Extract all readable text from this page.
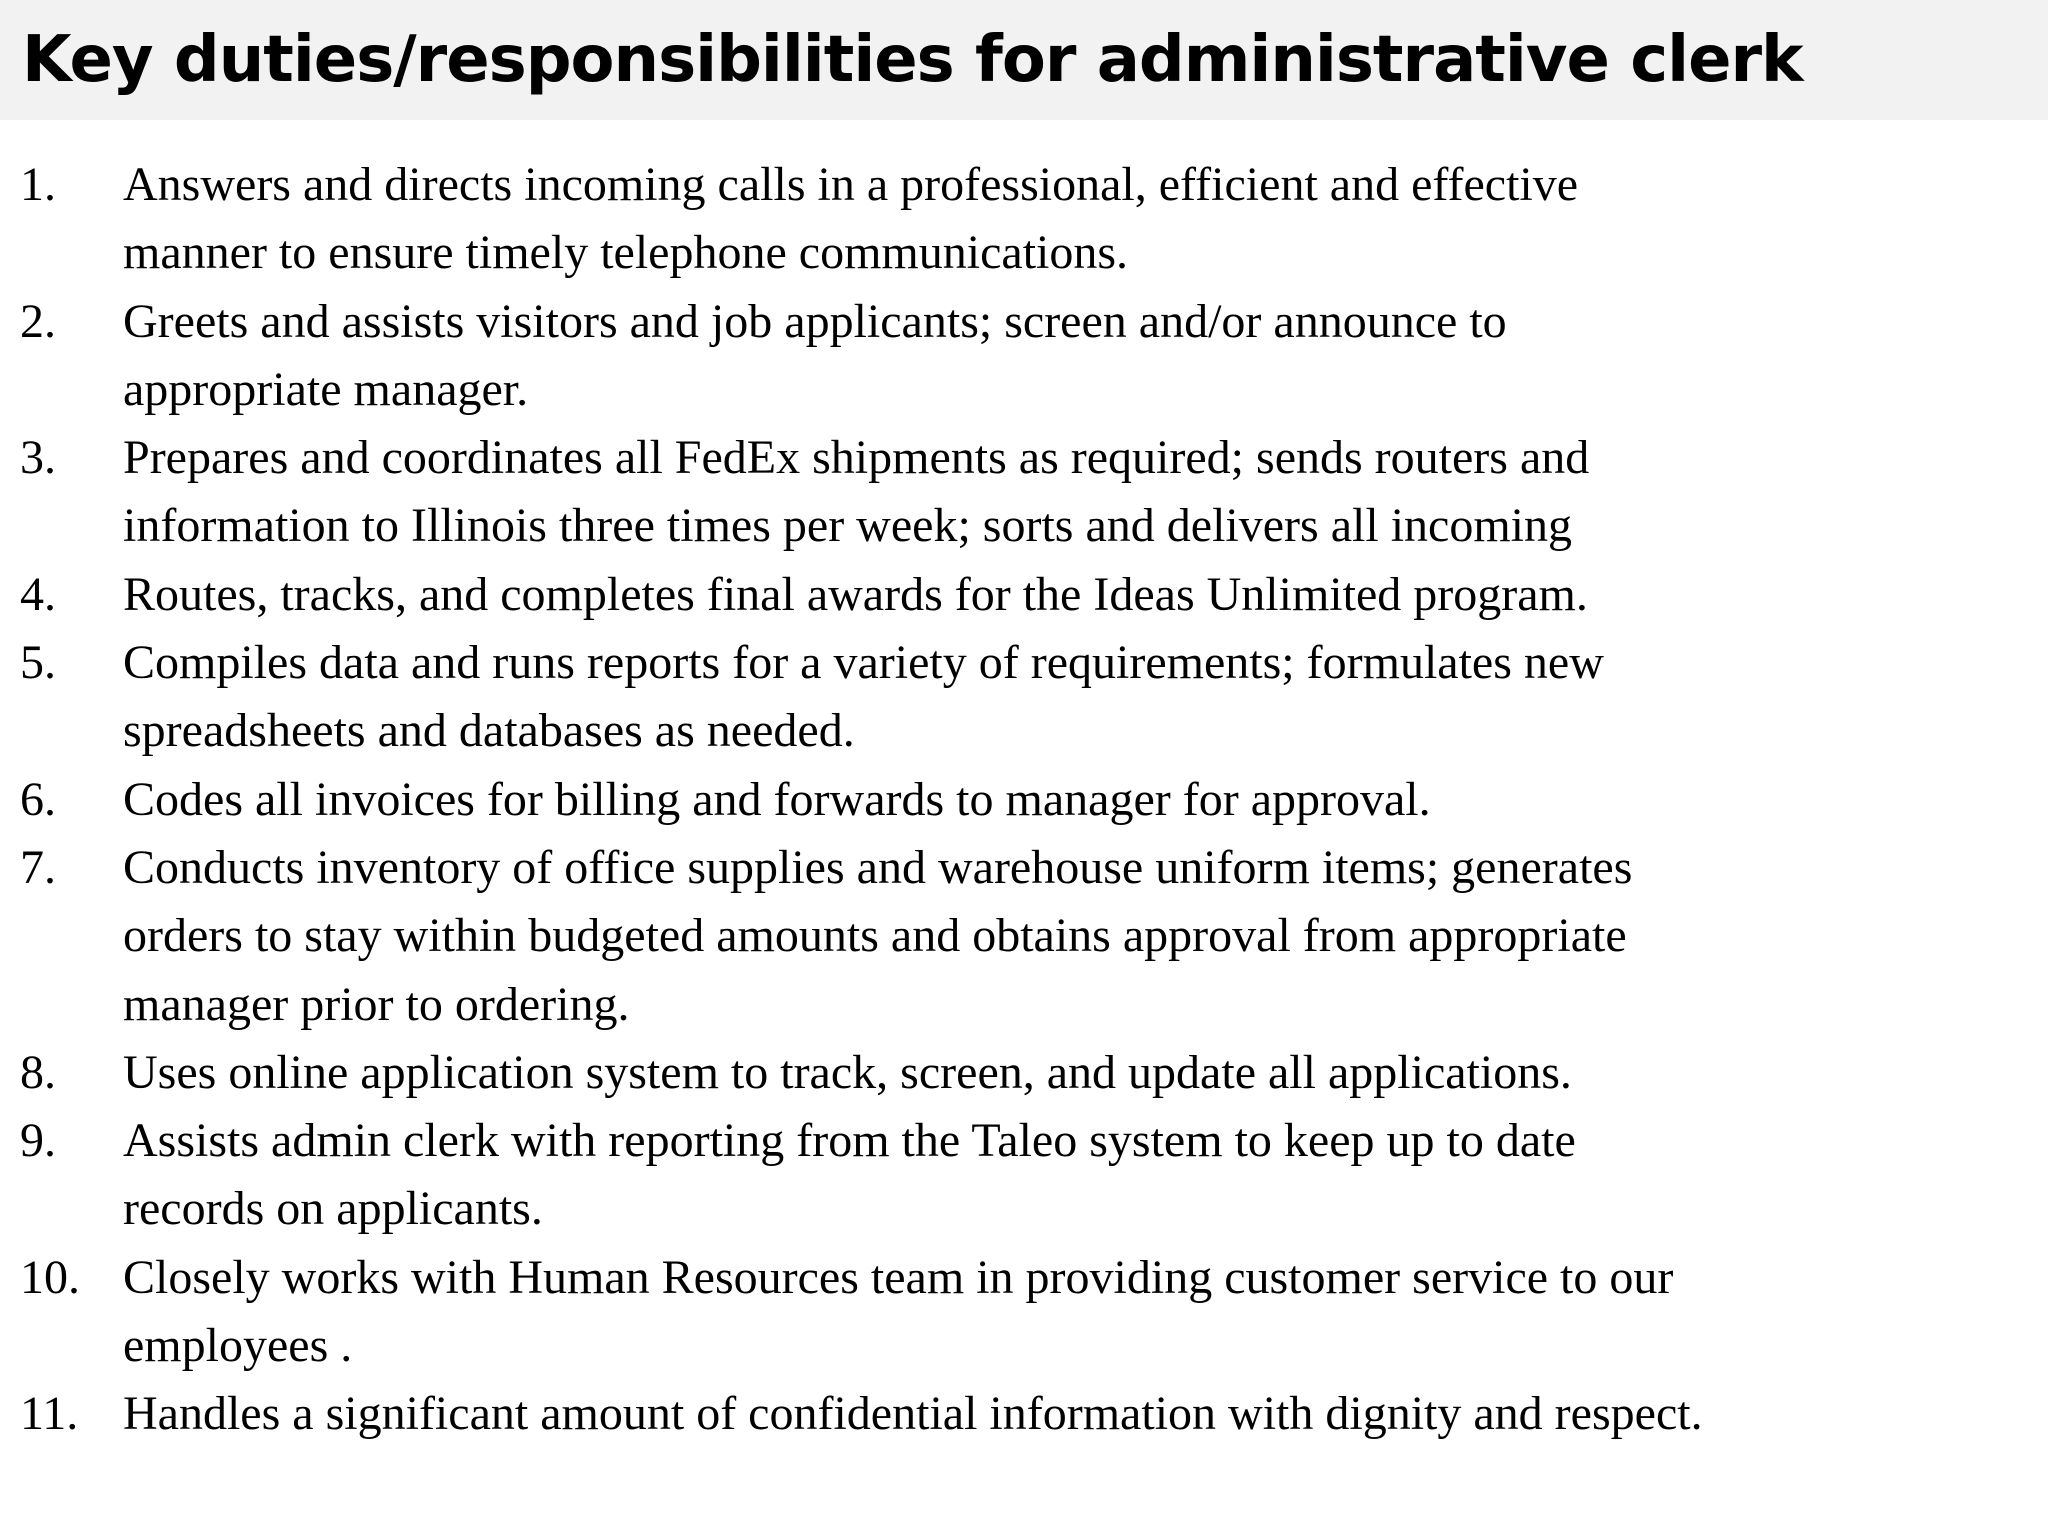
Key duties/responsibilities for administrative clerk
1. Answers and directs incoming calls in a professional, efficient and effective
manner to ensure timely telephone communications.
2. Greets and assists visitors and job applicants; screen and/or announce to
appropriate manager.
3. Prepares and coordinates all FedEx shipments as required; sends routers and
information to Illinois three times per week; sorts and delivers all incoming
4. Routes, tracks, and completes final awards for the Ideas Unlimited program.
5. Compiles data and runs reports for a variety of requirements; formulates new
spreadsheets and databases as needed.
6. Codes all invoices for billing and forwards to manager for approval.
7. Conducts inventory of office supplies and warehouse uniform items; generates
orders to stay within budgeted amounts and obtains approval from appropriate
manager prior to ordering.
8. Uses online application system to track, screen, and update all applications.
9. Assists admin clerk with reporting from the Taleo system to keep up to date
records on applicants.
10. Closely works with Human Resources team in providing customer service to our
employees .
11. Handles a significant amount of confidential information with dignity and respect.
